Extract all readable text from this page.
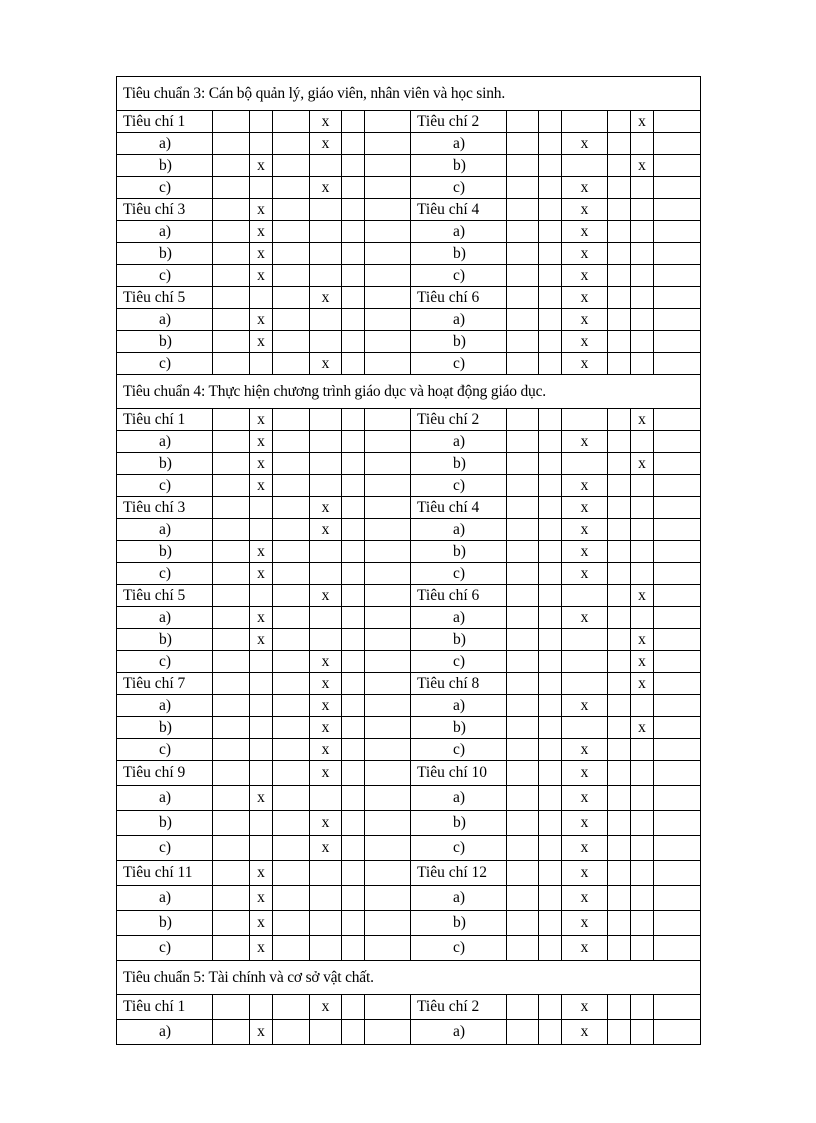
Tiêu chuẩn 3: Cán bộ quản lý, giáo viên, nhân viên và học sinh.													
Tiêu chí 1				x			Tiêu chí 2					x	
a)				x			a)			x			
b)		x					b)					x	
c)				x			c)			x			
Tiêu chí 3		x					Tiêu chí 4			x			
a)		x					a)			x			
b)		x					b)			x			
c)		x					c)			x			
Tiêu chí 5				x			Tiêu chí 6			x			
a)		x					a)			x			
b)		x					b)			x			
c)				x			c)			x			
Tiêu chuẩn 4: Thực hiện chương trình giáo dục và hoạt động giáo dục.													
Tiêu chí 1		x					Tiêu chí 2					x	
a)		x					a)			x			
b)		x					b)					x	
c)		x					c)			x			
Tiêu chí 3				x			Tiêu chí 4			x			
a)				x			a)			x			
b)		x					b)			x			
c)		x					c)			x			
Tiêu chí 5				x			Tiêu chí 6					x	
a)		x					a)			x			
b)		x					b)					x	
c)				x			c)					x	
Tiêu chí 7				x			Tiêu chí 8					x	
a)				x			a)			x			
b)				x			b)					x	
c)				x			c)			x			
Tiêu chí 9				x			Tiêu chí 10			x			
a)		x					a)			x			
b)				x			b)			x			
c)				x			c)			x			
Tiêu chí 11		x					Tiêu chí 12			x			
a)		x					a)			x			
b)		x					b)			x			
c)		x					c)			x			
Tiêu chuẩn 5: Tài chính và cơ sở vật chất.													
Tiêu chí 1				x			Tiêu chí 2			x			
a)		x					a)			x			
